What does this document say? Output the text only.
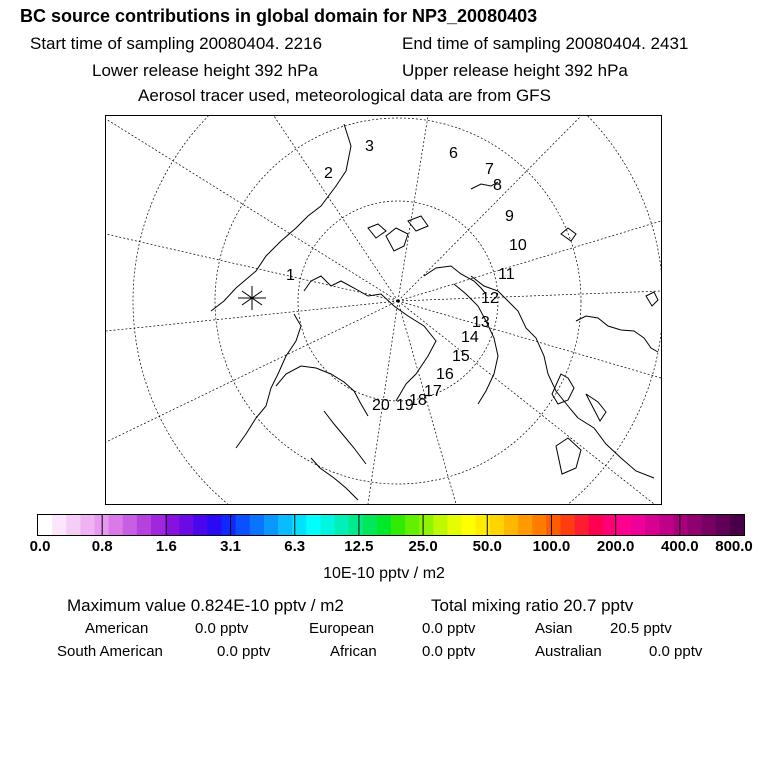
BC source contributions in global domain for NP3_20080403
Start time of sampling 20080404. 2216	End time of sampling 20080404. 2431
Lower release height 392 hPa	Upper release height 392 hPa
Aerosol tracer used, meteorological data are from GFS
1
2
3	6
7
8
9
10
11
12
13
14
15
16
17
18
19
20
0.0	0.8	1.6	3.1	6.3	12.5 25.0 50.0 100.0 200.0 400.0 800.0
10E-10 pptv / m2
Maximum value 0.824E-10 pptv / m2	Total mixing ratio 20.7 pptv
American	0.0 pptv	European	0.0 pptv	Asian 20.5 pptv
South American	0.0 pptv	African	0.0 pptv	Australian	0.0 pptv
